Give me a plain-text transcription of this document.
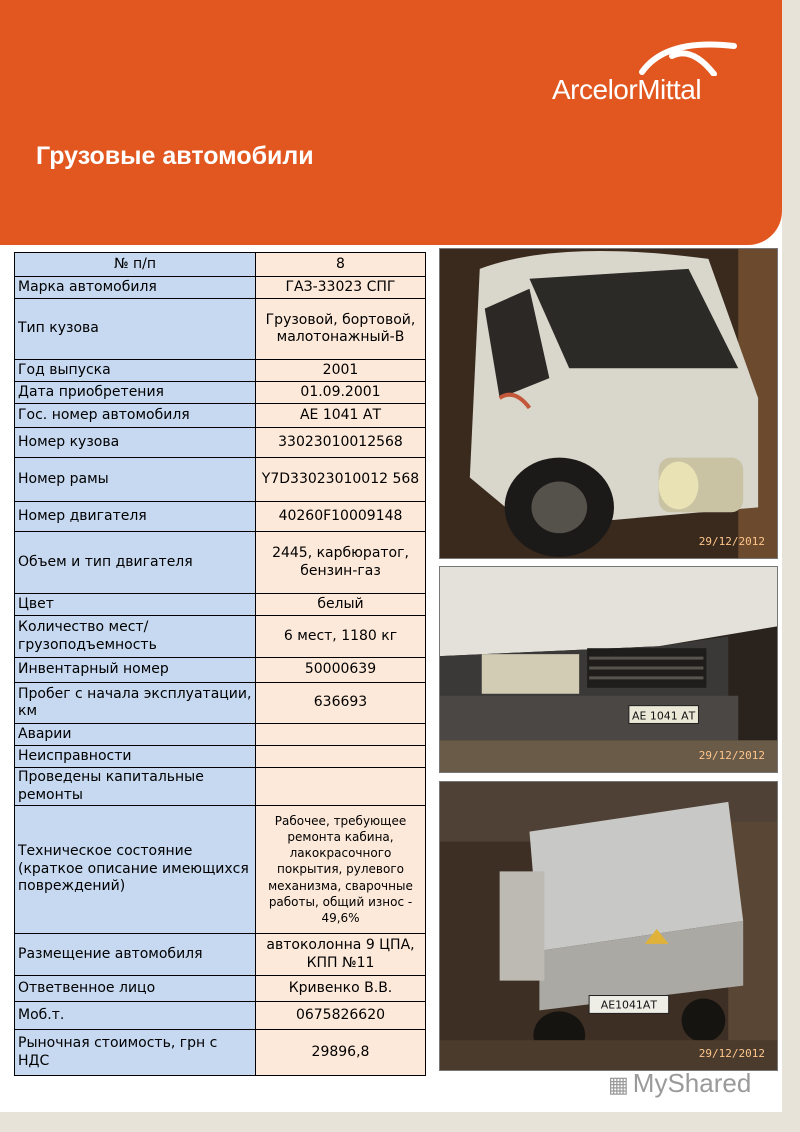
Грузовые автомобили
ArcelorMittal
№ п/п	8
Марка автомобиля	ГАЗ-33023 СПГ
Тип кузова	Грузовой, бортовой, малотонажный-В
Год выпуска	2001
Дата приобретения	01.09.2001
Гос. номер автомобиля	АЕ 1041 АТ
Номер кузова	33023010012568
Номер рамы	Y7D33023010012 568
Номер двигателя	40260F10009148
Объем и тип двигателя	2445, карбюратог, бензин-газ
Цвет	белый
Количество мест/ грузоподъемность	6 мест, 1180 кг
Инвентарный номер	50000639
Пробег с начала эксплуатации, км	636693
Аварии	
Неисправности	
Проведены капитальные ремонты	
Техническое состояние (краткое описание имеющихся повреждений)	Рабочее, требующее ремонта кабина, лакокрасочного покрытия, рулевого механизма, сварочные работы, общий износ - 49,6%
Размещение автомобиля	автоколонна 9 ЦПА, КПП №11
Ответвенное лицо	Кривенко В.В.
Моб.т.	0675826620
Рыночная стоимость, грн с НДС	29896,8
29/12/2012
АЕ 1041 АТ
29/12/2012
АЕ1041АТ
29/12/2012
▦ MyShared
